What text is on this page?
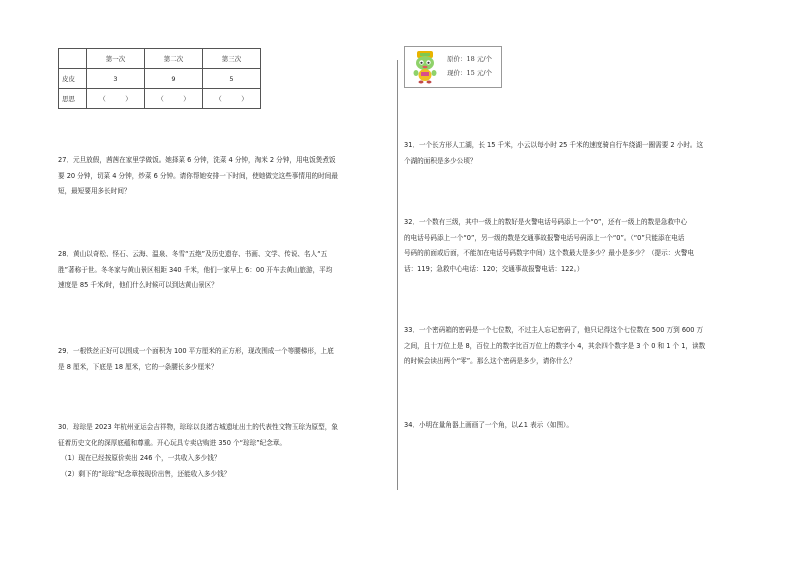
	第一次	第二次	第三次
皮皮	3	9	5
思思	（　　　）	（　　　）	（　　　）
原价：18 元/个
现价：15 元/个

27．元旦放假，茜茜在家里学做饭。她择菜 6 分钟，洗菜 4 分钟，淘米 2 分钟，用电饭煲煮饭

要 20 分钟，切菜 4 分钟，炒菜 6 分钟。请你帮她安排一下时间，使她做完这些事情用的时间最

短，最短要用多长时间？

28．黄山以奇松、怪石、云海、温泉、冬雪“五绝”及历史遗存、书画、文学、传说、名人“五

胜”著称于世。冬冬家与黄山景区相距 340 千米，他们一家早上 6：00 开车去黄山旅游，平均

速度是 85 千米/时，他们什么时候可以到达黄山景区？

29．一根铁丝正好可以围成一个面积为 100 平方厘米的正方形，现改围成一个等腰梯形，上底

是 8 厘米，下底是 18 厘米，它的一条腰长多少厘米？

30．琮琮是 2023 年杭州亚运会吉祥物，琮琮以良渚古城遗址出土的代表性文物玉琮为原型，象

征着历史文化的深厚底蕴和尊重。开心玩具专卖店购进 350 个“琮琮”纪念章。

（1）现在已经按原价卖出 246 个，一共收入多少钱？

（2）剩下的“琮琮”纪念章按现价出售，还能收入多少钱？

31．一个长方形人工湖，长 15 千米，小云以每小时 25 千米的速度骑自行车绕湖一圈需要 2 小时。这

个湖的面积是多少公顷？

32．一个数有三级，其中一级上的数好是火警电话号码添上一个“0”，还有一级上的数是急救中心

的电话号码添上一个“0”，另一级的数是交通事故报警电话号码添上一个“0”。（“0”只能添在电话

号码的前面或后面，不能加在电话号码数字中间）这个数最大是多少？最小是多少？（提示：火警电

话：119；急救中心电话：120；交通事故报警电话：122。）

33．一个密码箱的密码是一个七位数，不过主人忘记密码了，他只记得这个七位数在 500 万到 600 万

之间，且十万位上是 8，百位上的数字比百万位上的数字小 4，其余四个数字是 3 个 0 和 1 个 1，读数

的时候会读出两个“零”。那么这个密码是多少，请你什么？

34．小明在量角器上画画了一个角，以∠1 表示（如图）。
